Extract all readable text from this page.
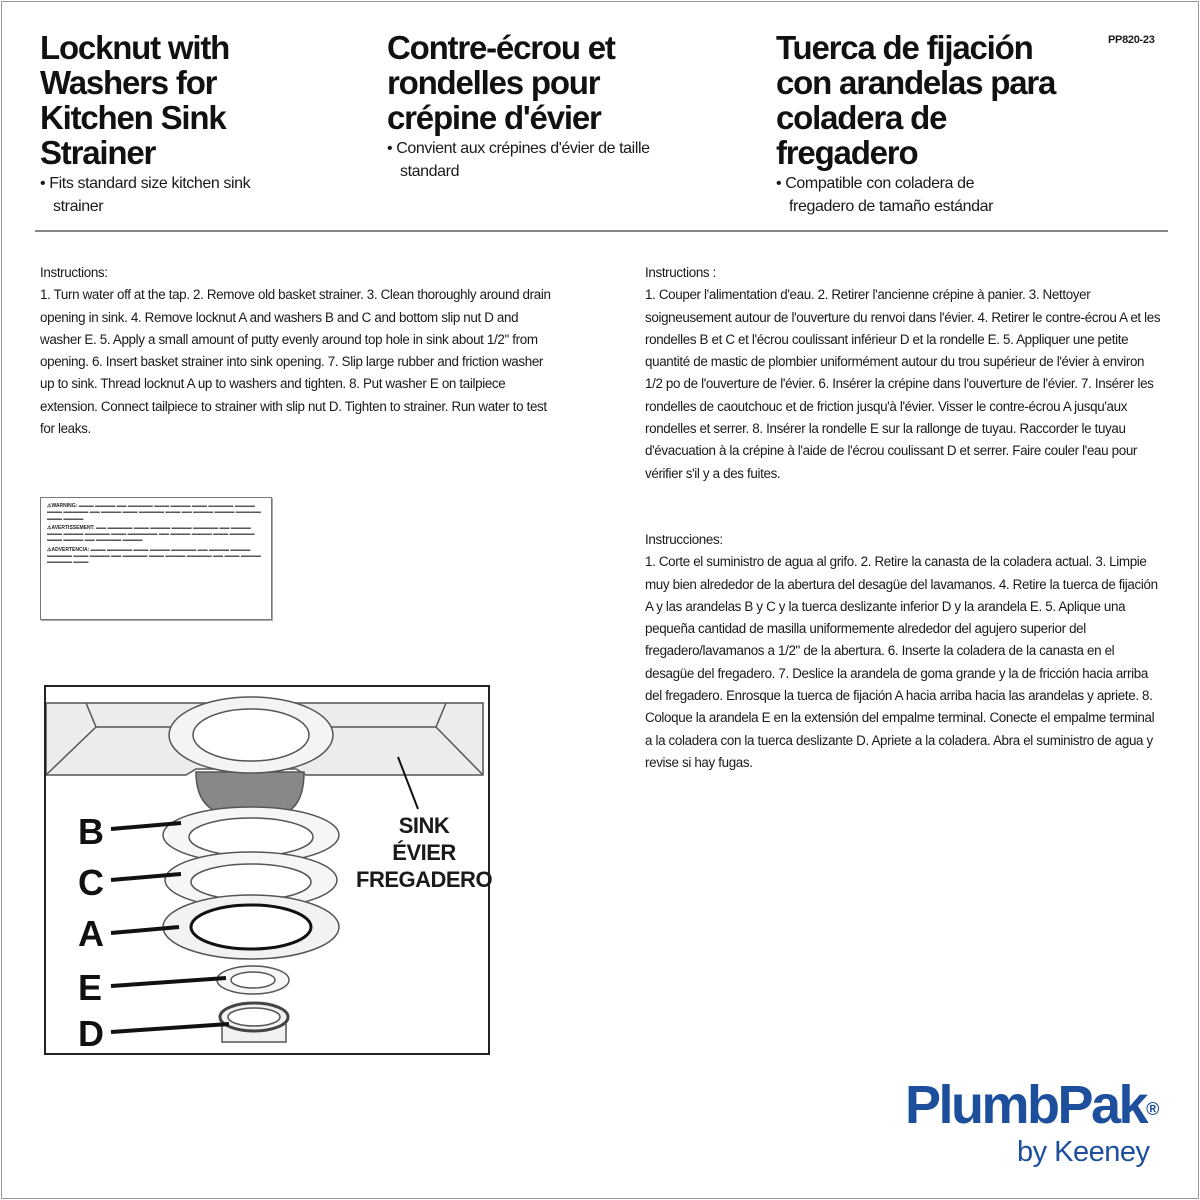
PP820-23
Locknut with Washers for Kitchen Sink Strainer
• Fits standard size kitchen sink strainer
Contre-écrou et rondelles pour crépine d'évier
• Convient aux crépines d'évier de taille standard
Tuerca de fijación con arandelas para coladera de fregadero
• Compatible con coladera de fregadero de tamaño estándar
Instructions:
1. Turn water off at the tap. 2. Remove old basket strainer. 3. Clean thoroughly around drain opening in sink. 4. Remove locknut A and washers B and C and bottom slip nut D and washer E. 5. Apply a small amount of putty evenly around top hole in sink about 1/2" from opening. 6. Insert basket strainer into sink opening. 7. Slip large rubber and friction washer up to sink. Thread locknut A up to washers and tighten. 8. Put washer E on tailpiece extension. Connect tailpiece to strainer with slip nut D. Tighten to strainer. Run water to test for leaks.
Instructions :
1. Couper l'alimentation d'eau. 2. Retirer l'ancienne crépine à panier. 3. Nettoyer soigneusement autour de l'ouverture du renvoi dans l'évier. 4. Retirer le contre-écrou A et les rondelles B et C et l'écrou coulissant inférieur D et la rondelle E. 5. Appliquer une petite quantité de mastic de plombier uniformément autour du trou supérieur de l'évier à environ 1/2 po de l'ouverture de l'évier. 6. Insérer la crépine dans l'ouverture de l'évier. 7. Insérer les rondelles de caoutchouc et de friction jusqu'à l'évier. Visser le contre-écrou A jusqu'aux rondelles et serrer. 8. Insérer la rondelle E sur la rallonge de tuyau. Raccorder le tuyau d'évacuation à la crépine à l'aide de l'écrou coulissant D et serrer. Faire couler l'eau pour vérifier s'il y a des fuites.
Instrucciones:
1. Corte el suministro de agua al grifo. 2. Retire la canasta de la coladera actual. 3. Limpie muy bien alrededor de la abertura del desagüe del lavamanos. 4. Retire la tuerca de fijación A y las arandelas B y C y la tuerca deslizante inferior D y la arandela E. 5. Aplique una pequeña cantidad de masilla uniformemente alrededor del agujero superior del fregadero/lavamanos a 1/2" de la abertura. 6. Inserte la coladera de la canasta en el desagüe del fregadero. 7. Deslice la arandela de goma grande y la de fricción hacia arriba del fregadero. Enrosque la tuerca de fijación A hacia arriba hacia las arandelas y apriete. 8. Coloque la arandela E en la extensión del empalme terminal. Conecte el empalme terminal a la coladera con la tuerca deslizante D. Apriete a la coladera. Abra el suministro de agua y revise si hay fugas.

⚠WARNING: ▬▬▬ ▬▬▬▬ ▬▬ ▬▬▬▬▬ ▬▬▬ ▬▬▬▬ ▬▬▬ ▬▬▬▬▬ ▬▬▬▬ ▬▬▬ ▬▬▬▬▬ ▬▬ ▬▬▬▬ ▬▬▬ ▬▬▬▬▬ ▬▬▬ ▬▬ ▬▬▬▬ ▬▬▬▬ ▬▬▬▬▬ ▬▬▬ ▬▬▬▬

⚠AVERTISSEMENT: ▬▬ ▬▬▬▬▬ ▬▬▬ ▬▬▬▬ ▬▬▬▬ ▬▬▬▬▬ ▬▬ ▬▬▬▬ ▬▬▬ ▬▬▬▬ ▬▬▬▬▬ ▬▬▬ ▬▬▬▬▬▬ ▬▬ ▬▬▬▬ ▬▬▬▬ ▬▬▬ ▬▬▬▬▬ ▬▬▬ ▬▬▬▬ ▬▬ ▬▬▬▬▬ ▬▬▬▬

⚠ADVERTENCIA: ▬▬▬ ▬▬▬▬▬ ▬▬▬ ▬▬▬▬ ▬▬▬▬▬ ▬▬ ▬▬▬▬ ▬▬▬▬ ▬▬▬▬▬ ▬▬▬ ▬▬▬▬ ▬▬ ▬▬▬▬▬ ▬▬▬ ▬▬▬▬ ▬▬▬▬▬ ▬▬ ▬▬▬ ▬▬▬▬ ▬▬▬▬▬ ▬▬▬

B
C
A
E
D
SINK
ÉVIER
FREGADERO
PlumbPak®
by Keeney
